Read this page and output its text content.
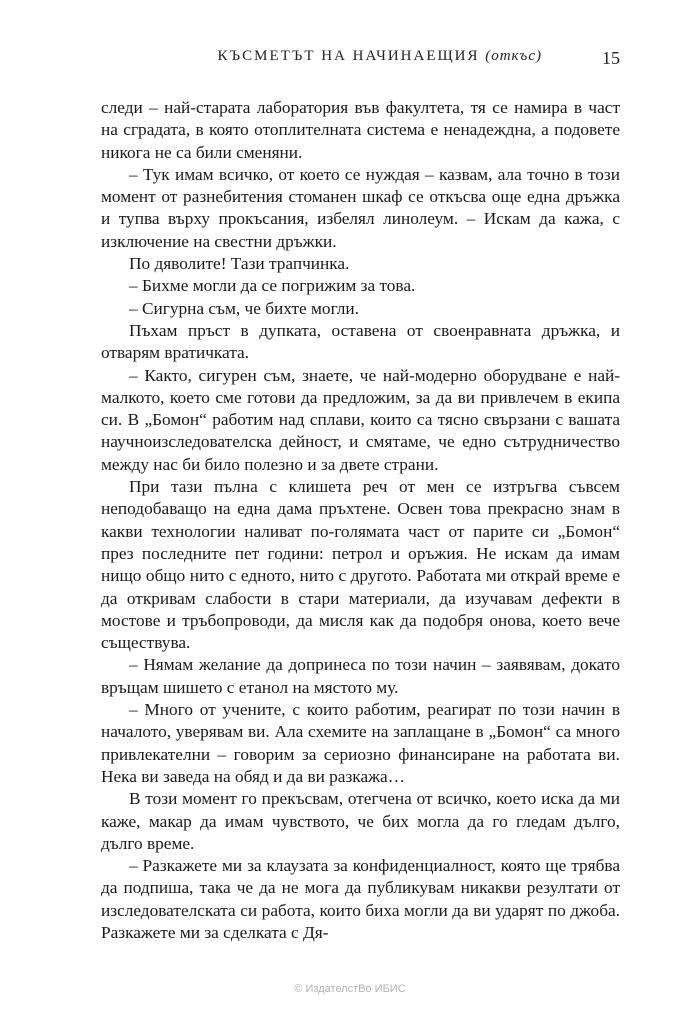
КЪСМЕТЪТ НА НАЧИНАЕЩИЯ (откъс)	15

следи – най-старата лаборатория във факултета, тя се намира в част на сградата, в която отоплителната система е ненадеждна, а подовете никога не са били сменяни.

– Тук имам всичко, от което се нуждая – казвам, ала точно в този момент от разнебитения стоманен шкаф се откъсва още една дръжка и тупва върху прокъсания, избелял линолеум. – Искам да кажа, с изключение на свестни дръжки.

По дяволите! Тази трапчинка.

– Бихме могли да се погрижим за това.

– Сигурна съм, че бихте могли.

Пъхам пръст в дупката, оставена от своенравната дръжка, и отварям вратичката.

– Както, сигурен съм, знаете, че най-модерно оборудване е най-малкото, което сме готови да предложим, за да ви привлечем в екипа си. В „Бомон“ работим над сплави, които са тясно свързани с вашата научноизследователска дейност, и смятаме, че едно сътрудничество между нас би било полезно и за двете страни.

При тази пълна с клишета реч от мен се изтръгва съвсем неподобаващо на една дама пръхтене. Освен това прекрасно знам в какви технологии наливат по-голямата част от парите си „Бомон“ през последните пет години: петрол и оръжия. Не искам да имам нищо общо нито с едното, нито с другото. Работата ми открай време е да откривам слабости в стари материали, да изучавам дефекти в мостове и тръбопроводи, да мисля как да подобря онова, което вече съществува.

– Нямам желание да допринеса по този начин – заявявам, докато връщам шишето с етанол на мястото му.

– Много от учените, с които работим, реагират по този начин в началото, уверявам ви. Ала схемите на заплащане в „Бомон“ са много привлекателни – говорим за сериозно финансиране на работата ви. Нека ви заведа на обяд и да ви разкажа…

В този момент го прекъсвам, отегчена от всичко, което иска да ми каже, макар да имам чувството, че бих могла да го гледам дълго, дълго време.

– Разкажете ми за клаузата за конфиденциалност, която ще трябва да подпиша, така че да не мога да публикувам никакви резултати от изследователската си работа, които биха могли да ви ударят по джоба. Разкажете ми за сделката с Дя-

© ИздателстВо ИБИС
